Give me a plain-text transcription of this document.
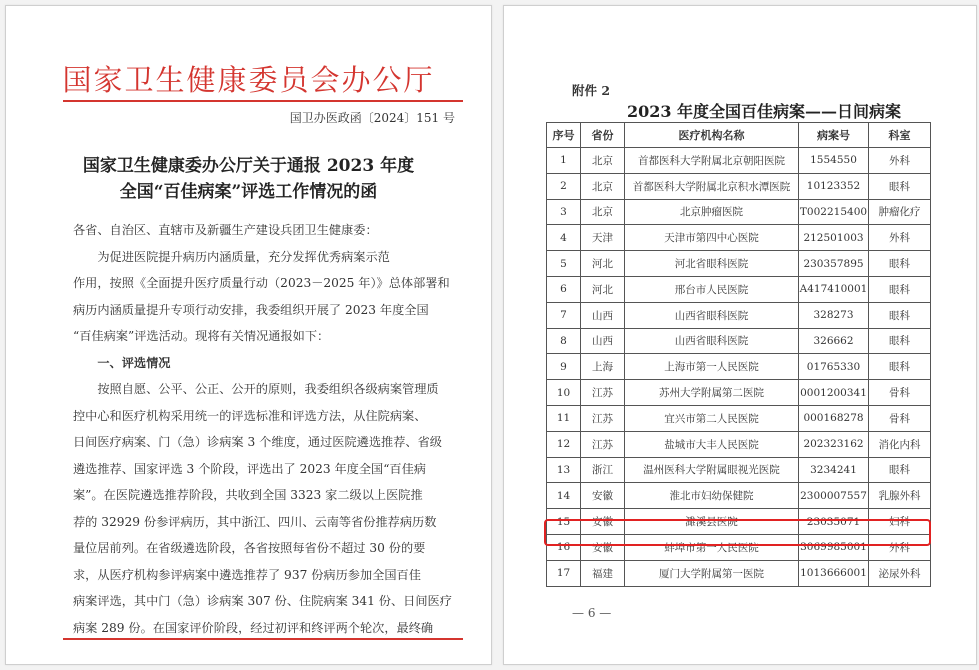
国家卫生健康委员会办公厅
国卫办医政函〔2024〕151 号
国家卫生健康委办公厅关于通报 2023 年度
全国“百佳病案”评选工作情况的函

各省、自治区、直辖市及新疆生产建设兵团卫生健康委：

　　为促进医院提升病历内涵质量，充分发挥优秀病案示范

作用，按照《全面提升医疗质量行动（2023－2025 年）》总体部署和

病历内涵质量提升专项行动安排，我委组织开展了 2023 年度全国

“百佳病案”评选活动。现将有关情况通报如下：

　　一、评选情况

　　按照自愿、公平、公正、公开的原则，我委组织各级病案管理质

控中心和医疗机构采用统一的评选标准和评选方法，从住院病案、

日间医疗病案、门（急）诊病案 3 个维度，通过医院遴选推荐、省级

遴选推荐、国家评选 3 个阶段，评选出了 2023 年度全国“百佳病

案”。在医院遴选推荐阶段，共收到全国 3323 家二级以上医院推

荐的 32929 份参评病历，其中浙江、四川、云南等省份推荐病历数

量位居前列。在省级遴选阶段，各省按照每省份不超过 30 份的要

求，从医疗机构参评病案中遴选推荐了 937 份病历参加全国百佳

病案评选，其中门（急）诊病案 307 份、住院病案 341 份、日间医疗

病案 289 份。在国家评价阶段，经过初评和终评两个轮次，最终确

附件 2
2023 年度全国百佳病案——日间病案
序号	省份	医疗机构名称	病案号	科室
1	北京	首都医科大学附属北京朝阳医院	1554550	外科
2	北京	首都医科大学附属北京积水潭医院	10123352	眼科
3	北京	北京肿瘤医院	T002215400	肿瘤化疗
4	天津	天津市第四中心医院	212501003	外科
5	河北	河北省眼科医院	230357895	眼科
6	河北	邢台市人民医院	A417410001	眼科
7	山西	山西省眼科医院	328273	眼科
8	山西	山西省眼科医院	326662	眼科
9	上海	上海市第一人民医院	01765330	眼科
10	江苏	苏州大学附属第二医院	0001200341	骨科
11	江苏	宜兴市第二人民医院	000168278	骨科
12	江苏	盐城市大丰人民医院	202323162	消化内科
13	浙江	温州医科大学附属眼视光医院	3234241	眼科
14	安徽	淮北市妇幼保健院	2300007557	乳腺外科
15	安徽	濉溪县医院	23035071	妇科
16	安徽	蚌埠市第一人民医院	3069985001	外科
17	福建	厦门大学附属第一医院	1013666001	泌尿外科
— 6 —
